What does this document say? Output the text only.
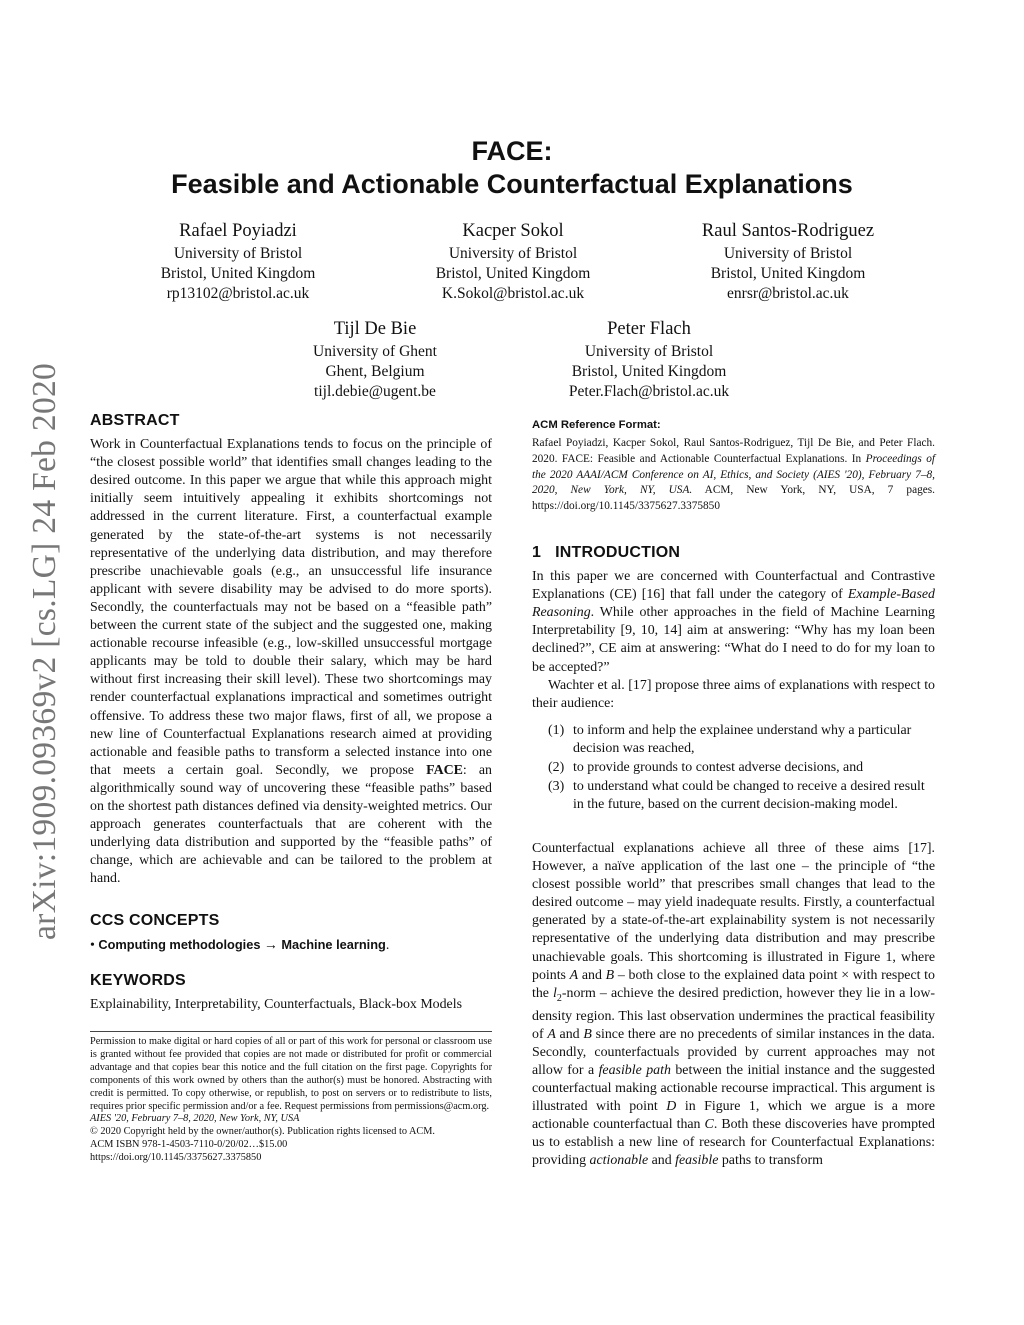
arXiv:1909.09369v2 [cs.LG] 24 Feb 2020
FACE:
Feasible and Actionable Counterfactual Explanations
Rafael Poyiadzi
University of Bristol
Bristol, United Kingdom
rp13102@bristol.ac.uk
Kacper Sokol
University of Bristol
Bristol, United Kingdom
K.Sokol@bristol.ac.uk
Raul Santos-Rodriguez
University of Bristol
Bristol, United Kingdom
enrsr@bristol.ac.uk
Tijl De Bie
University of Ghent
Ghent, Belgium
tijl.debie@ugent.be
Peter Flach
University of Bristol
Bristol, United Kingdom
Peter.Flach@bristol.ac.uk
ABSTRACT

Work in Counterfactual Explanations tends to focus on the principle of “the closest possible world” that identifies small changes leading to the desired outcome. In this paper we argue that while this approach might initially seem intuitively appealing it exhibits shortcomings not addressed in the current literature. First, a counterfactual example generated by the state-of-the-art systems is not necessarily representative of the underlying data distribution, and may therefore prescribe unachievable goals (e.g., an unsuccessful life insurance applicant with severe disability may be advised to do more sports). Secondly, the counterfactuals may not be based on a “feasible path” between the current state of the subject and the suggested one, making actionable recourse infeasible (e.g., low-skilled unsuccessful mortgage applicants may be told to double their salary, which may be hard without first increasing their skill level). These two shortcomings may render counterfactual explanations impractical and sometimes outright offensive. To address these two major flaws, first of all, we propose a new line of Counterfactual Explanations research aimed at providing actionable and feasible paths to transform a selected instance into one that meets a certain goal. Secondly, we propose FACE: an algorithmically sound way of uncovering these “feasible paths” based on the shortest path distances defined via density-weighted metrics. Our approach generates counterfactuals that are coherent with the underlying data distribution and supported by the “feasible paths” of change, which are achievable and can be tailored to the problem at hand.

CCS CONCEPTS
• Computing methodologies → Machine learning.
KEYWORDS
Explainability, Interpretability, Counterfactuals, Black-box Models
Permission to make digital or hard copies of all or part of this work for personal or classroom use is granted without fee provided that copies are not made or distributed for profit or commercial advantage and that copies bear this notice and the full citation on the first page. Copyrights for components of this work owned by others than the author(s) must be honored. Abstracting with credit is permitted. To copy otherwise, or republish, to post on servers or to redistribute to lists, requires prior specific permission and/or a fee. Request permissions from permissions@acm.org.
AIES '20, February 7–8, 2020, New York, NY, USA
© 2020 Copyright held by the owner/author(s). Publication rights licensed to ACM.
ACM ISBN 978-1-4503-7110-0/20/02…$15.00
https://doi.org/10.1145/3375627.3375850
ACM Reference Format:
Rafael Poyiadzi, Kacper Sokol, Raul Santos-Rodriguez, Tijl De Bie, and Peter Flach. 2020. FACE: Feasible and Actionable Counterfactual Explanations. In Proceedings of the 2020 AAAI/ACM Conference on AI, Ethics, and Society (AIES '20), February 7–8, 2020, New York, NY, USA. ACM, New York, NY, USA, 7 pages. https://doi.org/10.1145/3375627.3375850
1 INTRODUCTION

In this paper we are concerned with Counterfactual and Contrastive Explanations (CE) [16] that fall under the category of Example-Based Reasoning. While other approaches in the field of Machine Learning Interpretability [9, 10, 14] aim at answering: “Why has my loan been declined?”, CE aim at answering: “What do I need to do for my loan to be accepted?”

Wachter et al. [17] propose three aims of explanations with respect to their audience:

(1) to inform and help the explainee understand why a particular decision was reached,
(2) to provide grounds to contest adverse decisions, and
(3) to understand what could be changed to receive a desired result in the future, based on the current decision-making model.

Counterfactual explanations achieve all three of these aims [17]. However, a naïve application of the last one – the principle of “the closest possible world” that prescribes small changes that lead to the desired outcome – may yield inadequate results. Firstly, a counterfactual generated by a state-of-the-art explainability system is not necessarily representative of the underlying data distribution and may prescribe unachievable goals. This shortcoming is illustrated in Figure 1, where points A and B – both close to the explained data point × with respect to the $l_2$-norm – achieve the desired prediction, however they lie in a low-density region. This last observation undermines the practical feasibility of A and B since there are no precedents of similar instances in the data. Secondly, counterfactuals provided by current approaches may not allow for a feasible path between the initial instance and the suggested counterfactual making actionable recourse impractical. This argument is illustrated with point D in Figure 1, which we argue is a more actionable counterfactual than C. Both these discoveries have prompted us to establish a new line of research for Counterfactual Explanations: providing actionable and feasible paths to transform
